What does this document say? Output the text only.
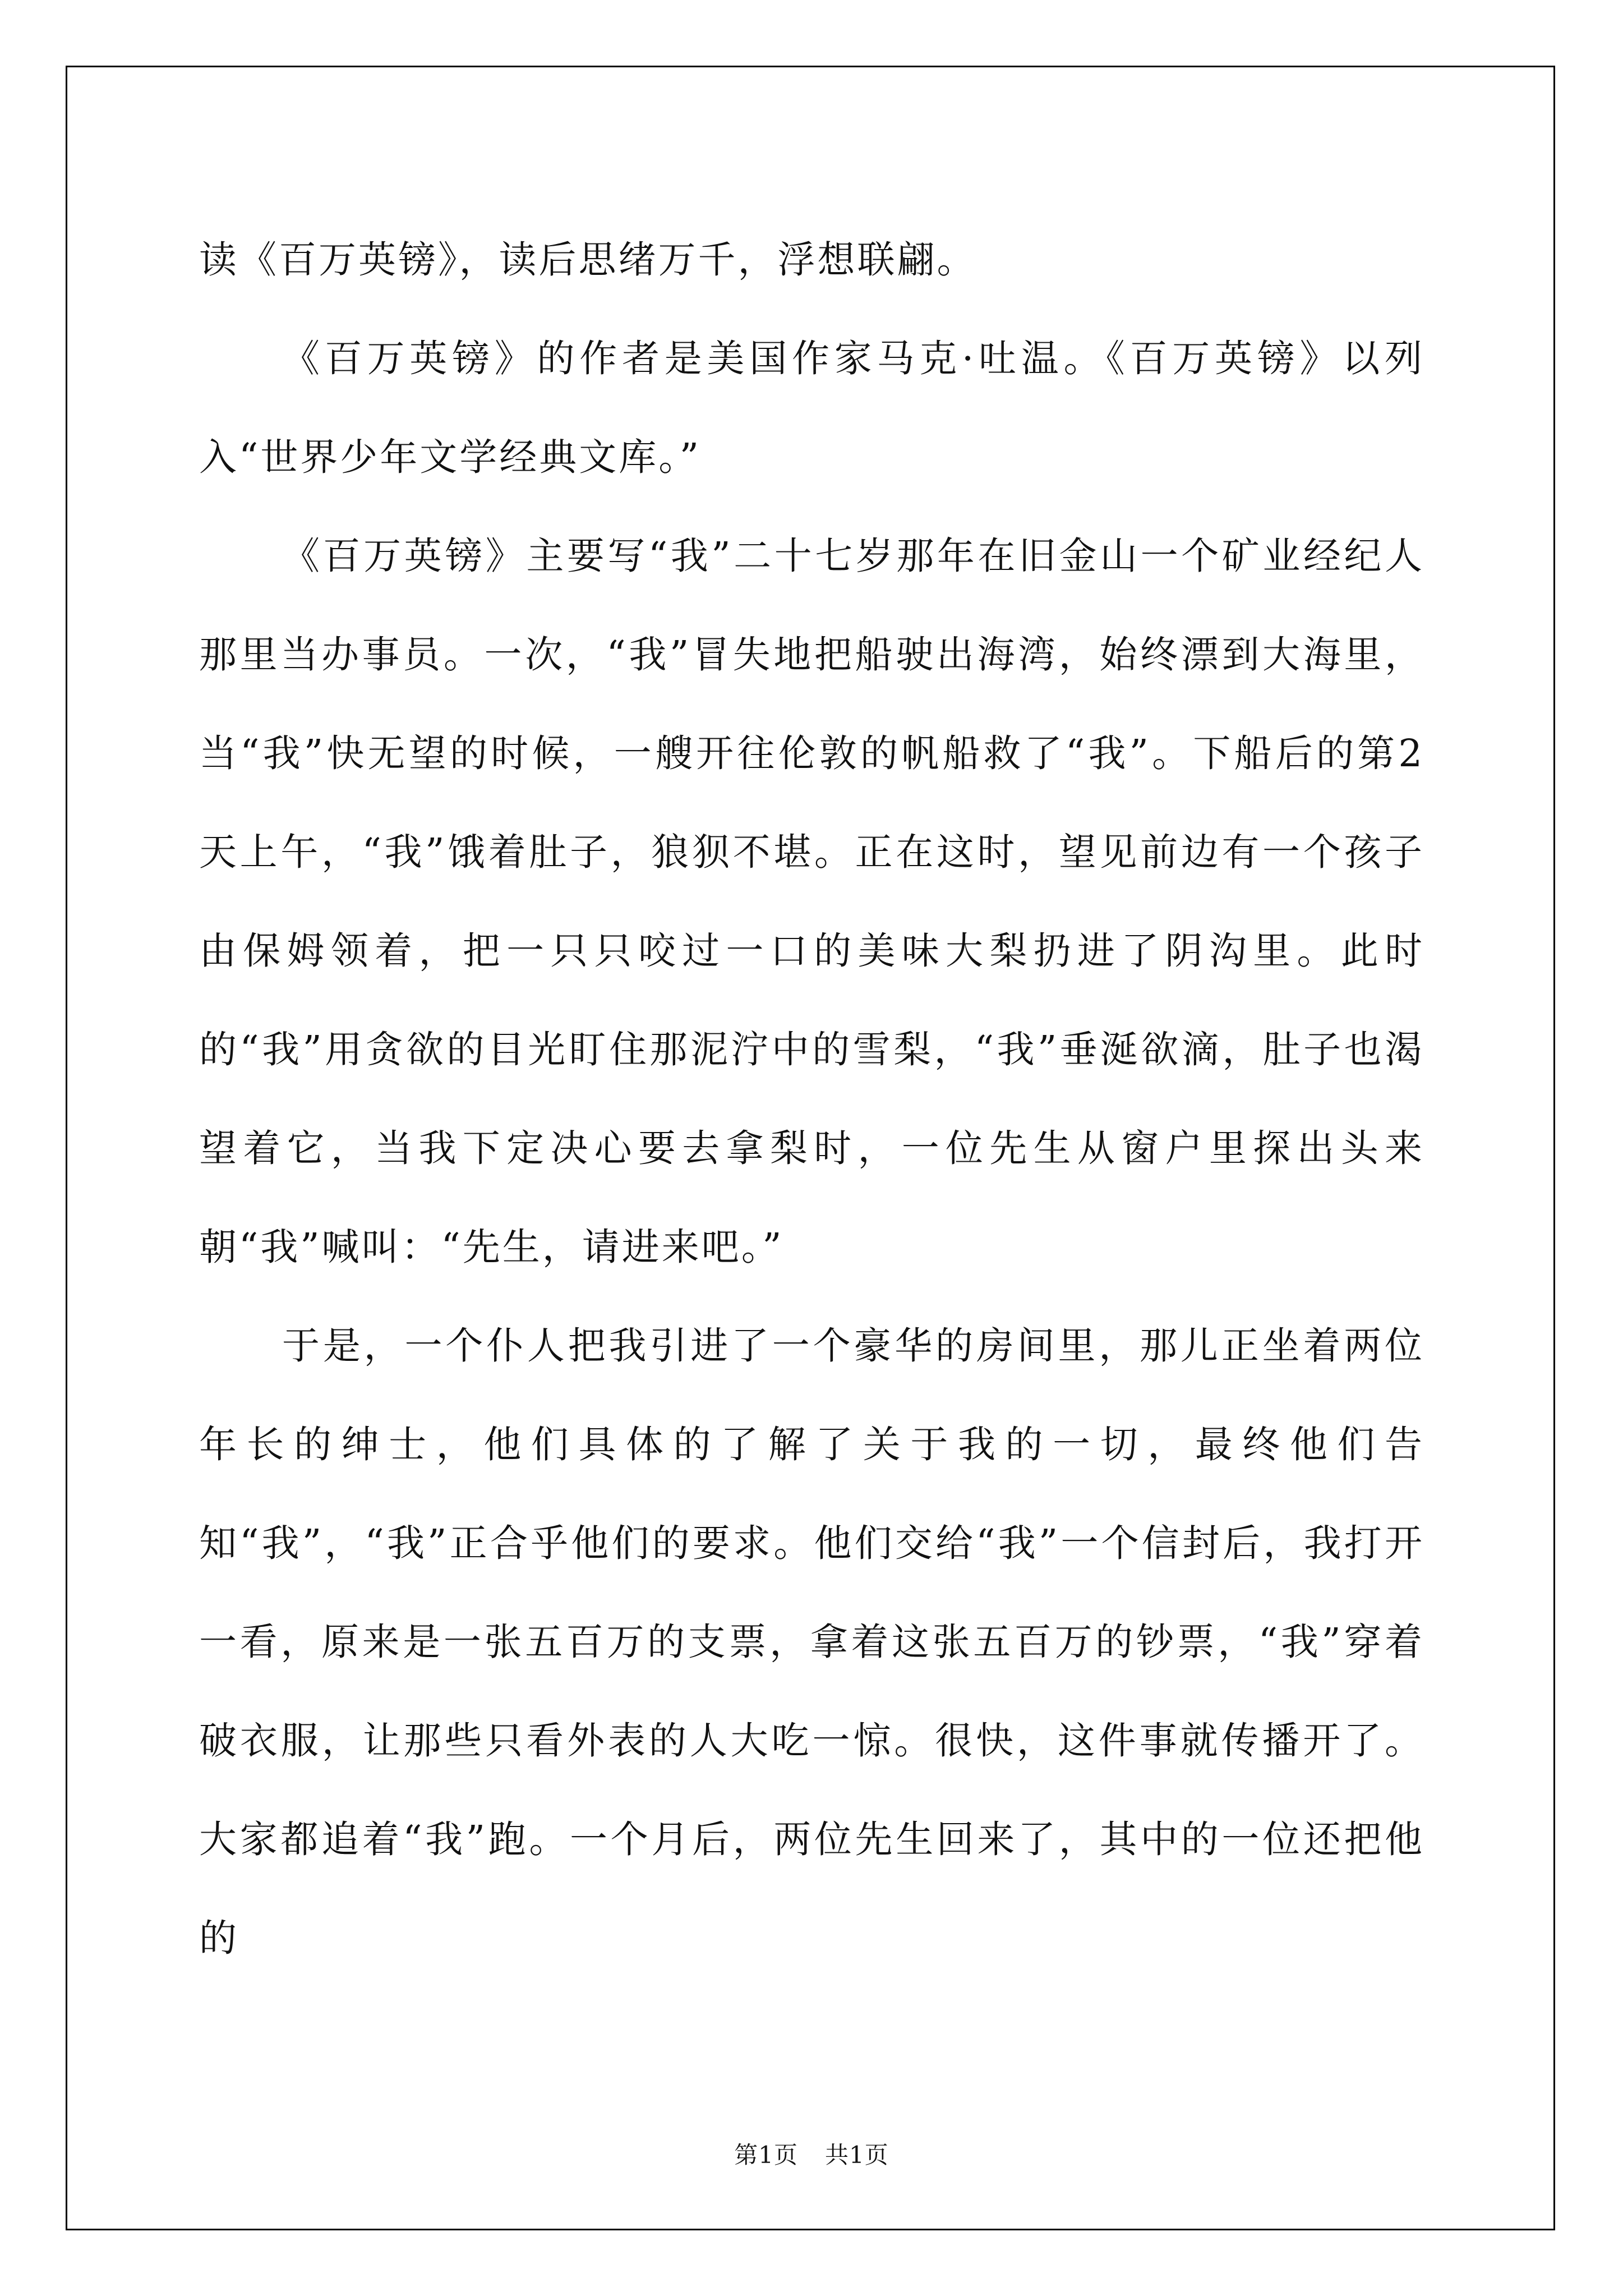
读《百万英镑》，读后思绪万千，浮想联翩。

《百万英镑》的作者是美国作家马克·吐温。《百万英镑》以列入“世界少年文学经典文库。”

《百万英镑》主要写“我”二十七岁那年在旧金山一个矿业经纪人那里当办事员。一次，“我”冒失地把船驶出海湾，始终漂到大海里，当“我”快无望的时候，一艘开往伦敦的帆船救了“我”。下船后的第2天上午，“我”饿着肚子，狼狈不堪。正在这时，望见前边有一个孩子由保姆领着，把一只只咬过一口的美味大梨扔进了阴沟里。此时的“我”用贪欲的目光盯住那泥泞中的雪梨，“我”垂涎欲滴，肚子也渴望着它，当我下定决心要去拿梨时，一位先生从窗户里探出头来朝“我”喊叫：“先生，请进来吧。”

于是，一个仆人把我引进了一个豪华的房间里，那儿正坐着两位年长的绅士，他们具体的了解了关于我的一切，最终他们告知“我”，“我”正合乎他们的要求。他们交给“我”一个信封后，我打开一看，原来是一张五百万的支票，拿着这张五百万的钞票，“我”穿着破衣服，让那些只看外表的人大吃一惊。很快，这件事就传播开了。大家都追着“我”跑。一个月后，两位先生回来了，其中的一位还把他的

第1页 共1页
